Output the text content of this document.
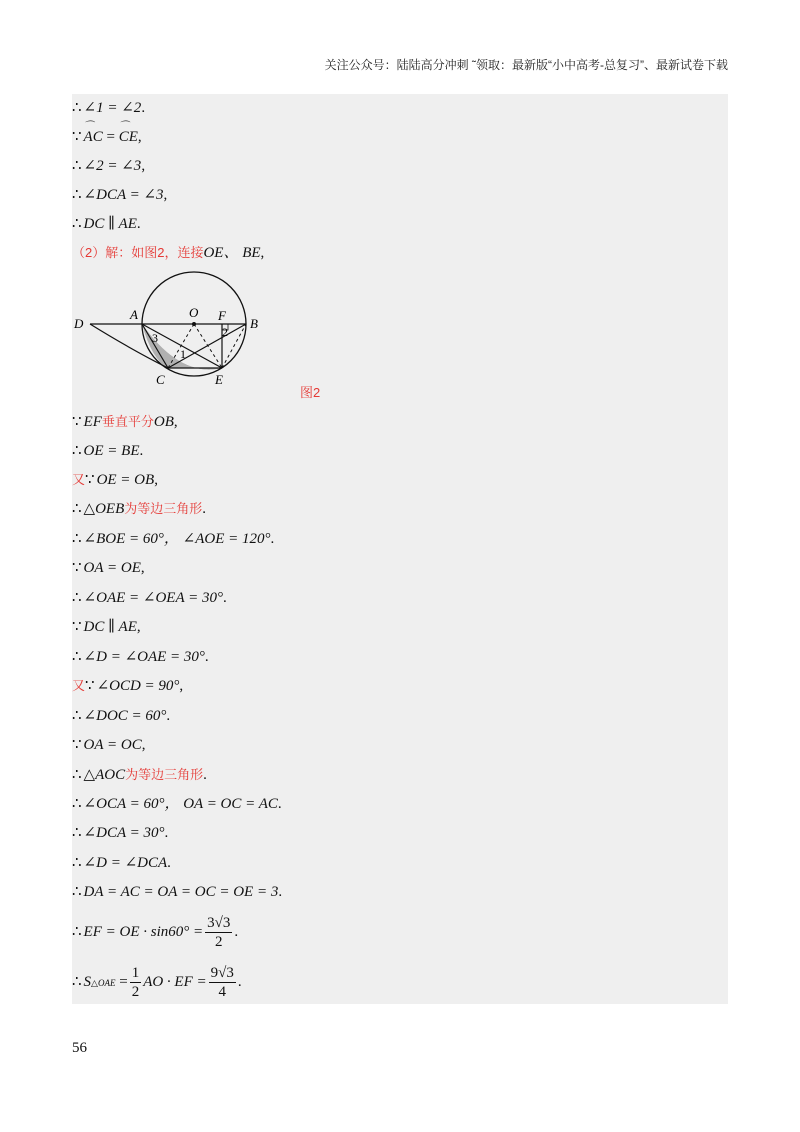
关注公众号：陆陆高分冲刺 ˜领取：最新版“小中高考-总复习”、最新试卷下载
∴ ∠1 = ∠2.
∵⌒ AC = ⌒ CE,
∴ ∠2 = ∠3,
∴ ∠DCA = ∠3,
∴ DC ∥ AE.
（2）解：如图2，连接OE、 BE,
D
A	O F
B
C	E
1
2
3
图2
∵ EF垂直平分OB,
∴ OE = BE.
又∵ OE = OB,
∴ △OEB为等边三角形.
∴ ∠BOE = 60°， ∠AOE = 120°.
∵ OA = OE,
∴ ∠OAE = ∠OEA = 30°.
∵ DC ∥ AE,
∴ ∠D = ∠OAE = 30°.
又∵ ∠OCD = 90°,
∴ ∠DOC = 60°.
∵ OA = OC,
∴ △AOC为等边三角形.
∴ ∠OCA = 60°， OA = OC = AC.
∴ ∠DCA = 30°.
∴ ∠D = ∠DCA.
∴ DA = AC = OA = OC = OE = 3.
∴ EF = OE · $\sin 60^\circ = \frac{3√3}{2}$ .
∴ S△OAE = $\frac{1}{2}$ AO · EF = $\frac{9√3}{4}$ .
56
